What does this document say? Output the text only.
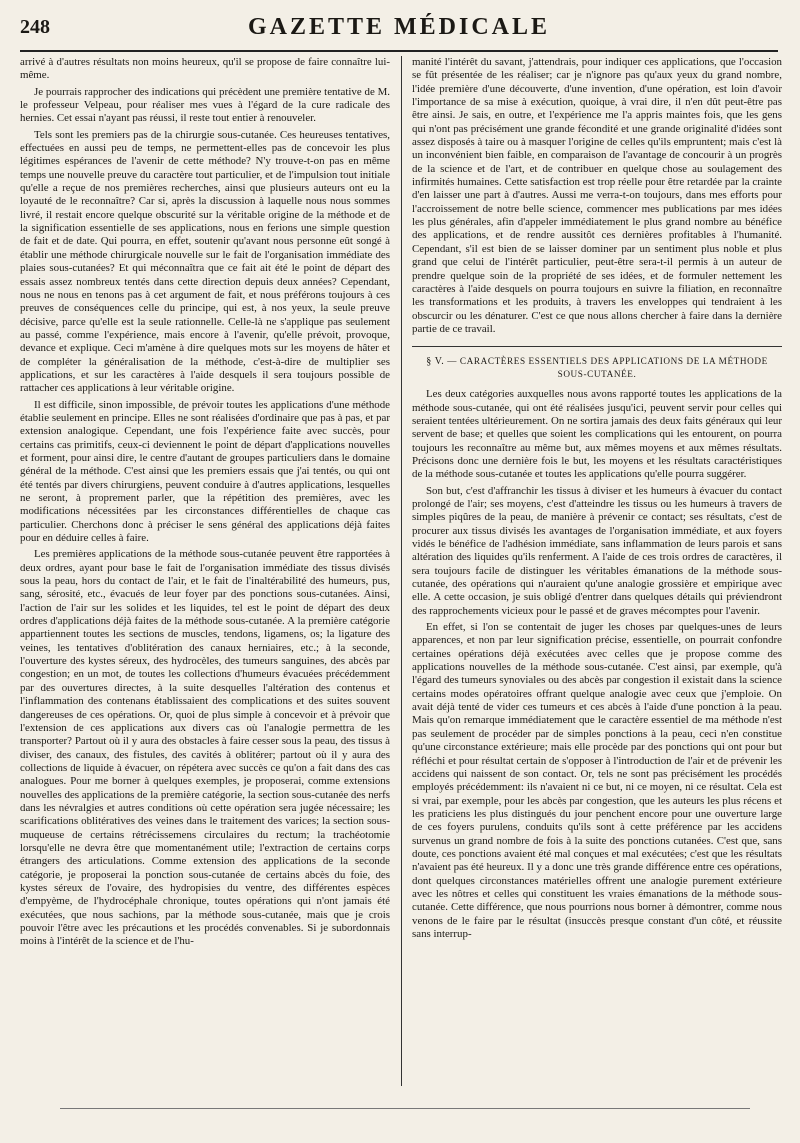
248	GAZETTE MÉDICALE

arrivé à d'autres résultats non moins heureux, qu'il se propose de faire connaître lui-même.

Je pourrais rapprocher des indications qui précèdent une première tentative de M. le professeur Velpeau, pour réaliser mes vues à l'égard de la cure radicale des hernies. Cet essai n'ayant pas réussi, il reste tout entier à renouveler.

Tels sont les premiers pas de la chirurgie sous-cutanée. Ces heureuses tentatives, effectuées en aussi peu de temps, ne permettent-elles pas de concevoir les plus légitimes espérances de l'avenir de cette méthode? N'y trouve-t-on pas en même temps une nouvelle preuve du caractère tout particulier, et de l'impulsion tout initiale qu'elle a reçue de nos premières recherches, ainsi que plusieurs auteurs ont eu la loyauté de le reconnaître? Car si, après la discussion à laquelle nous nous sommes livré, il restait encore quelque obscurité sur la véritable origine de la méthode et de la signification essentielle de ses applications, nous en ferions une simple question de fait et de date. Qui pourra, en effet, soutenir qu'avant nous personne eût songé à établir une méthode chirurgicale nouvelle sur le fait de l'organisation immédiate des plaies sous-cutanées? Et qui méconnaîtra que ce fait ait été le point de départ des essais assez nombreux tentés dans cette direction depuis deux années? Cependant, nous ne nous en tenons pas à cet argument de fait, et nous préférons toujours à ces preuves de conséquences celle du principe, qui est, à nos yeux, la seule preuve décisive, parce qu'elle est la seule rationnelle. Celle-là ne s'applique pas seulement au passé, comme l'expérience, mais encore à l'avenir, qu'elle prévoit, provoque, devance et explique. Ceci m'amène à dire quelques mots sur les moyens de hâter et de compléter la généralisation de la méthode, c'est-à-dire de multiplier ses applications, et sur les caractères à l'aide desquels il sera toujours possible de rattacher ces applications à leur véritable origine.

Il est difficile, sinon impossible, de prévoir toutes les applications d'une méthode établie seulement en principe. Elles ne sont réalisées d'ordinaire que pas à pas, et par extension analogique. Cependant, une fois l'expérience faite avec succès, pour certains cas primitifs, ceux-ci deviennent le point de départ d'applications nouvelles et forment, pour ainsi dire, le centre d'autant de groupes particuliers dans le domaine général de la méthode. C'est ainsi que les premiers essais que j'ai tentés, ou qui ont été tentés par divers chirurgiens, peuvent conduire à d'autres applications, lesquelles ne seront, à proprement parler, que la répétition des premières, avec les modifications nécessitées par les circonstances différentielles de chaque cas particulier. Cherchons donc à préciser le sens général des applications déjà faites pour en déduire celles à faire.

Les premières applications de la méthode sous-cutanée peuvent être rapportées à deux ordres, ayant pour base le fait de l'organisation immédiate des tissus divisés sous la peau, hors du contact de l'air, et le fait de l'inaltérabilité des humeurs, pus, sang, sérosité, etc., évacués de leur foyer par des ponctions sous-cutanées. Ainsi, l'action de l'air sur les solides et les liquides, tel est le point de départ des deux ordres d'applications déjà faites de la méthode sous-cutanée. A la première catégorie appartiennent toutes les sections de muscles, tendons, ligamens, os; la ligature des veines, les tentatives d'oblitération des canaux herniaires, etc.; à la seconde, l'ouverture des kystes séreux, des hydrocèles, des tumeurs sanguines, des abcès par congestion; en un mot, de toutes les collections d'humeurs évacuées précédemment par des ouvertures directes, à la suite desquelles l'altération des contenus et l'inflammation des contenans établissaient des complications et des suites souvent dangereuses de ces opérations. Or, quoi de plus simple à concevoir et à prévoir que l'extension de ces applications aux divers cas où l'analogie permettra de les transporter? Partout où il y aura des obstacles à faire cesser sous la peau, des tissus à diviser, des canaux, des fistules, des cavités à oblitérer; partout où il y aura des collections de liquide à évacuer, on répétera avec succès ce qu'on a fait dans des cas analogues. Pour me borner à quelques exemples, je proposerai, comme extensions nouvelles des applications de la première catégorie, la section sous-cutanée des nerfs dans les névralgies et autres conditions où cette opération sera jugée nécessaire; les scarifications oblitératives des veines dans le traitement des varices; la section sous-muqueuse de certains rétrécissemens circulaires du rectum; la trachéotomie lorsqu'elle ne devra être que momentanément utile; l'extraction de certains corps étrangers des articulations. Comme extension des applications de la seconde catégorie, je proposerai la ponction sous-cutanée de certains abcès du foie, des kystes séreux de l'ovaire, des hydropisies du ventre, des différentes espèces d'empyème, de l'hydrocéphale chronique, toutes opérations qui n'ont jamais été exécutées, que nous sachions, par la méthode sous-cutanée, mais que je crois pouvoir l'être avec les précautions et les procédés convenables. Si je subordonnais moins à l'intérêt de la science et de l'hu-

manité l'intérêt du savant, j'attendrais, pour indiquer ces applications, que l'occasion se fût présentée de les réaliser; car je n'ignore pas qu'aux yeux du grand nombre, l'idée première d'une découverte, d'une invention, d'une opération, est loin d'avoir l'importance de sa mise à exécution, quoique, à vrai dire, il n'en dût peut-être pas être ainsi. Je sais, en outre, et l'expérience me l'a appris maintes fois, que les gens qui n'ont pas précisément une grande fécondité et une grande originalité d'idées sont assez disposés à taire ou à masquer l'origine de celles qu'ils empruntent; mais c'est là un inconvénient bien faible, en comparaison de l'avantage de concourir à un progrès de la science et de l'art, et de contribuer en quelque chose au soulagement des infirmités humaines. Cette satisfaction est trop réelle pour être retardée par la crainte d'en laisser une part à d'autres. Aussi me verra-t-on toujours, dans mes efforts pour l'accroissement de notre belle science, commencer mes publications par mes idées les plus générales, afin d'appeler immédiatement le plus grand nombre au bénéfice des applications, et de rendre aussitôt ces dernières profitables à l'humanité. Cependant, s'il est bien de se laisser dominer par un sentiment plus noble et plus grand que celui de l'intérêt particulier, peut-être sera-t-il permis à un auteur de prendre quelque soin de la propriété de ses idées, et de formuler nettement les caractères à l'aide desquels on pourra toujours en suivre la filiation, en reconnaître les transformations et les produits, à travers les enveloppes qui tendraient à les obscurcir ou les dénaturer. C'est ce que nous allons chercher à faire dans la dernière partie de ce travail.

§ V. — CARACTÈRES ESSENTIELS DES APPLICATIONS DE LA MÉTHODE SOUS-CUTANÉE.

Les deux catégories auxquelles nous avons rapporté toutes les applications de la méthode sous-cutanée, qui ont été réalisées jusqu'ici, peuvent servir pour celles qui seraient tentées ultérieurement. On ne sortira jamais des deux faits généraux qui leur servent de base; et quelles que soient les complications qui les entourent, on pourra toujours les reconnaître au même but, aux mêmes moyens et aux mêmes résultats. Précisons donc une dernière fois le but, les moyens et les résultats caractéristiques de la méthode sous-cutanée et toutes les applications qu'elle pourra suggérer.

Son but, c'est d'affranchir les tissus à diviser et les humeurs à évacuer du contact prolongé de l'air; ses moyens, c'est d'atteindre les tissus ou les humeurs à travers de simples piqûres de la peau, de manière à prévenir ce contact; ses résultats, c'est de procurer aux tissus divisés les avantages de l'organisation immédiate, et aux foyers vidés le bénéfice de l'adhésion immédiate, sans inflammation de leurs parois et sans altération des liquides qu'ils renferment. A l'aide de ces trois ordres de caractères, il sera toujours facile de distinguer les véritables émanations de la méthode sous-cutanée, des opérations qui n'auraient qu'une analogie grossière et empirique avec elle. A cette occasion, je suis obligé d'entrer dans quelques détails qui préviendront des rapprochements vicieux pour le passé et de graves mécomptes pour l'avenir.

En effet, si l'on se contentait de juger les choses par quelques-unes de leurs apparences, et non par leur signification précise, essentielle, on pourrait confondre certaines opérations déjà exécutées avec celles que je propose comme des applications nouvelles de la méthode sous-cutanée. C'est ainsi, par exemple, qu'à l'égard des tumeurs synoviales ou des abcès par congestion il existait dans la science certains modes opératoires offrant quelque analogie avec ceux que j'emploie. On avait déjà tenté de vider ces tumeurs et ces abcès à l'aide d'une ponction à la peau. Mais qu'on remarque immédiatement que le caractère essentiel de ma méthode n'est pas seulement de procéder par de simples ponctions à la peau, ceci n'en constitue qu'une circonstance extérieure; mais elle procède par des ponctions qui ont pour but réfléchi et pour résultat certain de s'opposer à l'introduction de l'air et de prévenir les accidens qui naissent de son contact. Or, tels ne sont pas précisément les procédés employés précédemment: ils n'avaient ni ce but, ni ce moyen, ni ce résultat. Cela est si vrai, par exemple, pour les abcès par congestion, que les auteurs les plus récens et les praticiens les plus distingués du jour penchent encore pour une ouverture large de ces foyers purulens, conduits qu'ils sont à cette préférence par les accidens survenus un grand nombre de fois à la suite des ponctions cutanées. C'est que, sans doute, ces ponctions avaient été mal conçues et mal exécutées; c'est que les résultats n'avaient pas été heureux. Il y a donc une très grande différence entre ces opérations, dont quelques circonstances matérielles offrent une analogie purement extérieure avec les nôtres et celles qui constituent les vraies émanations de la méthode sous-cutanée. Cette différence, que nous pourrions nous borner à démontrer, comme nous venons de le faire par le résultat (insuccès presque constant d'un côté, et réussite sans interrup-
